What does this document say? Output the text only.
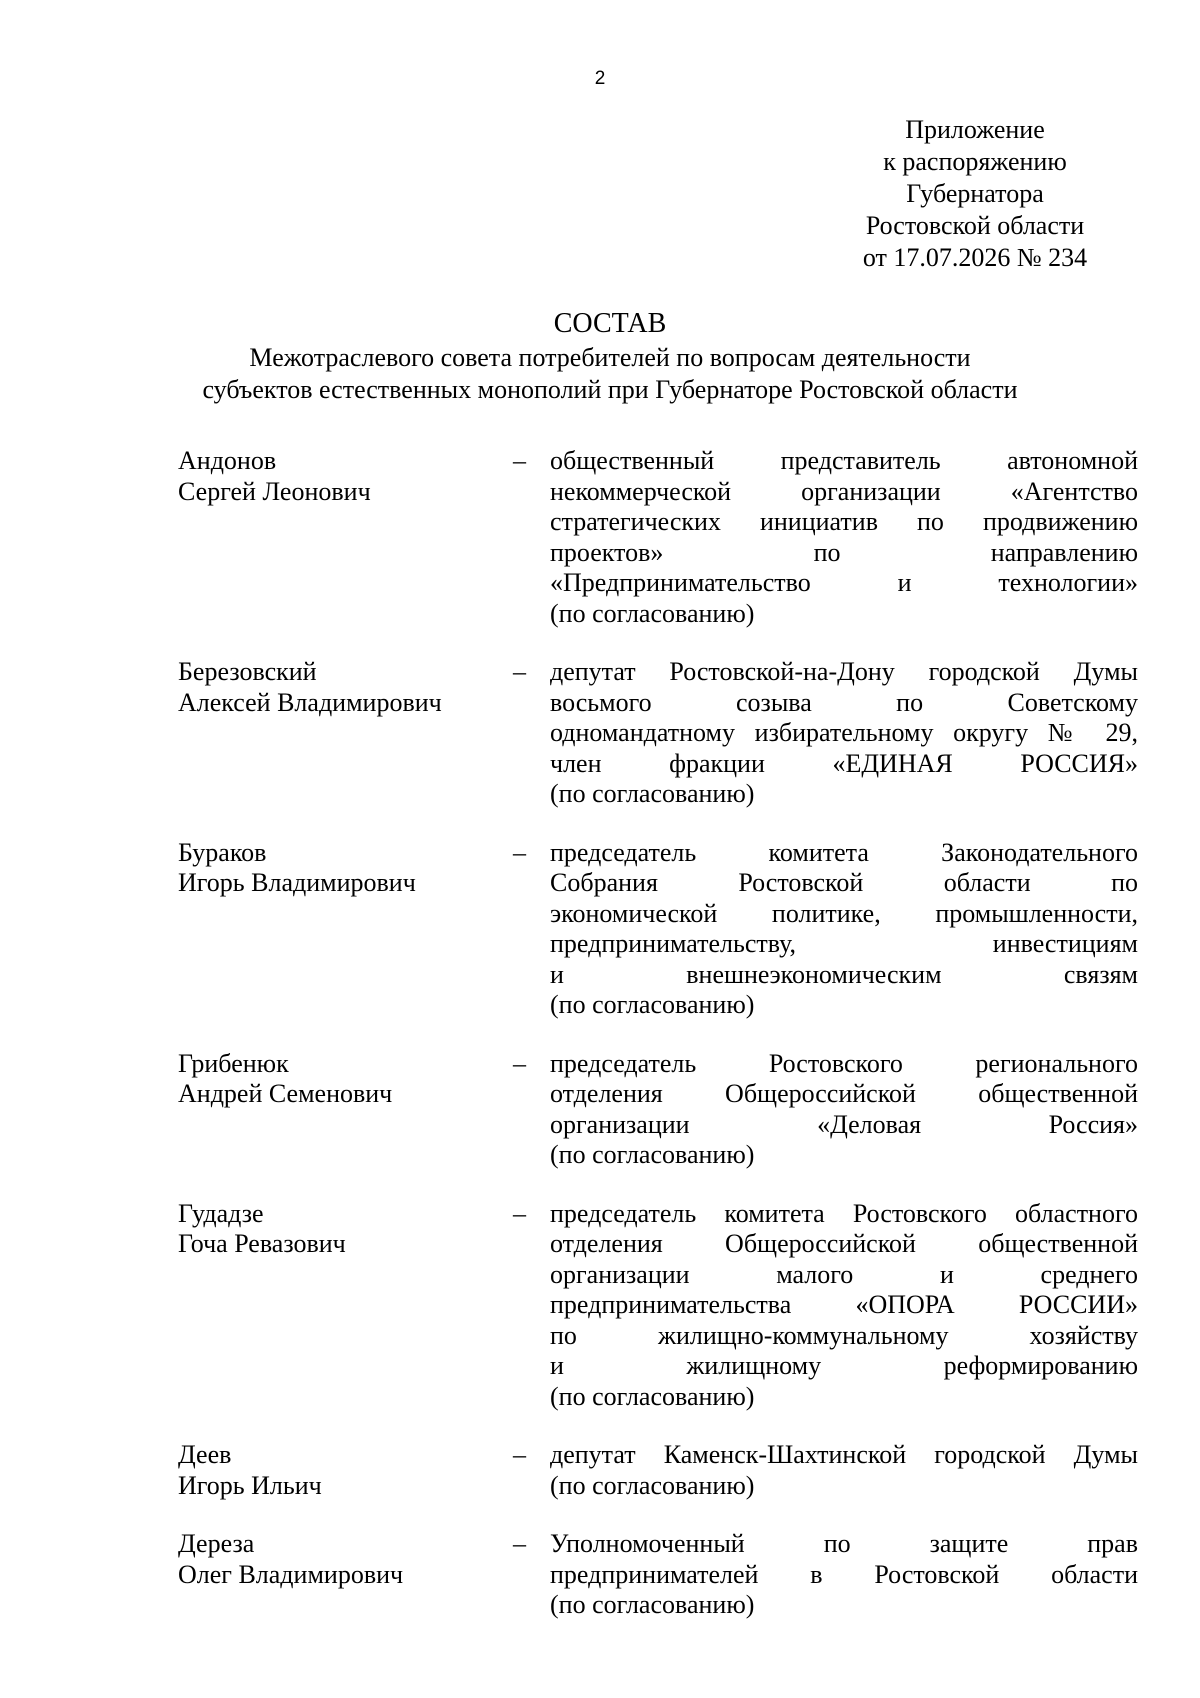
2
Приложение
к распоряжению
Губернатора
Ростовской области
от 17.07.2026 № 234
СОСТАВ
Межотраслевого совета потребителей по вопросам деятельности
субъектов естественных монополий при Губернаторе Ростовской области
Андонов
Сергей Леонович
– общественный представитель автономной
некоммерческой организации «Агентство
стратегических инициатив по продвижению
проектов» по направлению
«Предпринимательство и технологии»
(по согласованию)
Березовский
Алексей Владимирович
– депутат Ростовской-на-Дону городской Думы
восьмого созыва по Советскому
одномандатному избирательному округу № 29,
член фракции «ЕДИНАЯ РОССИЯ»
(по согласованию)
Бураков
Игорь Владимирович
– председатель комитета Законодательного
Собрания Ростовской области по
экономической политике, промышленности,
предпринимательству, инвестициям
и внешнеэкономическим связям
(по согласованию)
Грибенюк
Андрей Семенович
– председатель Ростовского регионального
отделения Общероссийской общественной
организации «Деловая Россия»
(по согласованию)
Гудадзе
Гоча Ревазович
– председатель комитета Ростовского областного
отделения Общероссийской общественной
организации малого и среднего
предпринимательства «ОПОРА РОССИИ»
по жилищно-коммунальному хозяйству
и жилищному реформированию
(по согласованию)
Деев
Игорь Ильич
– депутат Каменск-Шахтинской городской Думы
(по согласованию)
Дереза
Олег Владимирович
– Уполномоченный по защите прав
предпринимателей в Ростовской области
(по согласованию)
